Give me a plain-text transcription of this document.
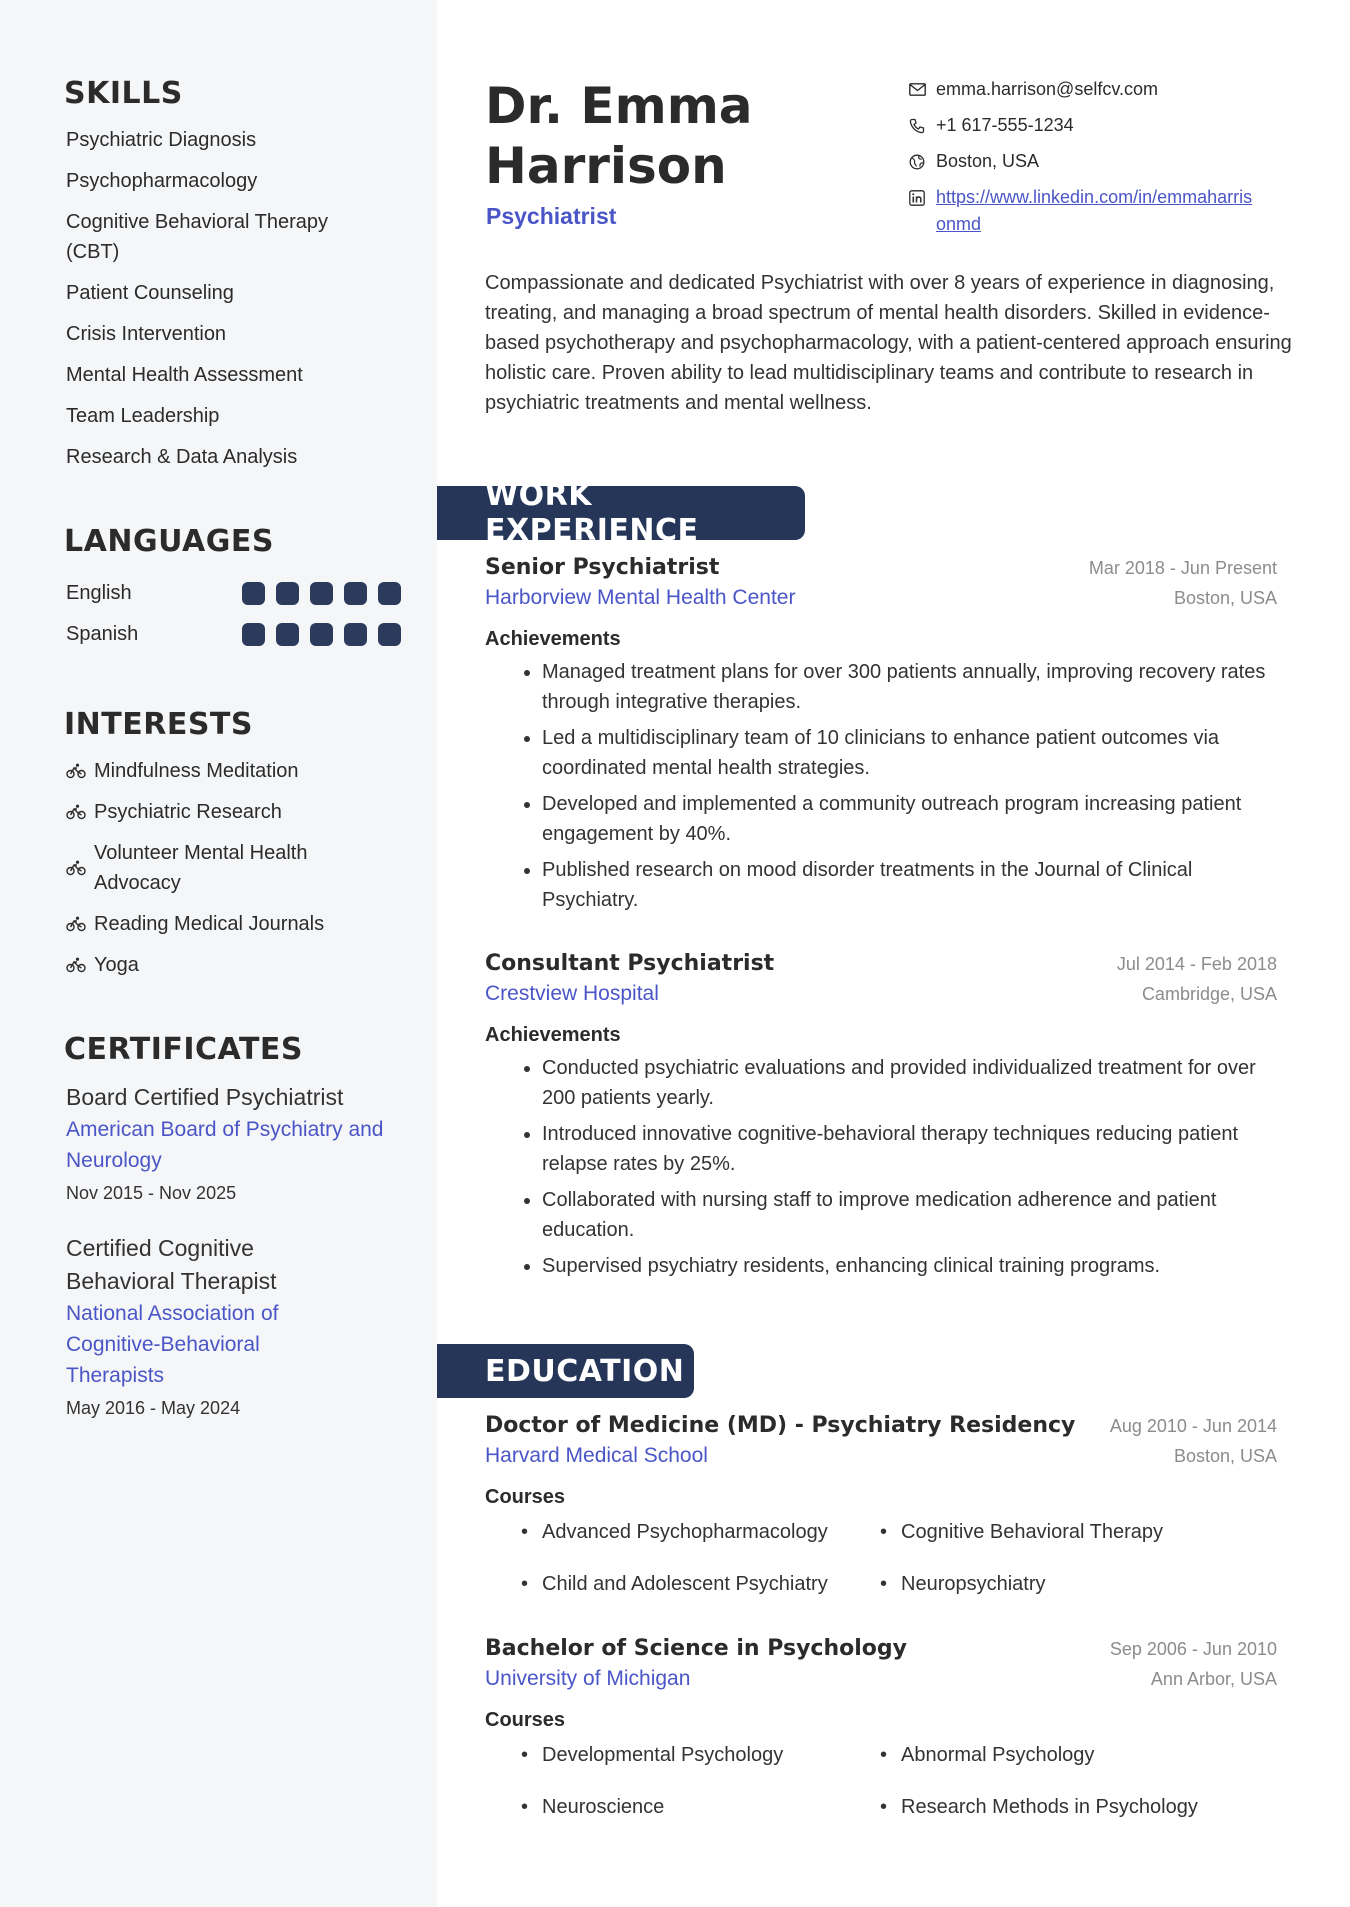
SKILLS
Psychiatric Diagnosis
Psychopharmacology
Cognitive Behavioral Therapy (CBT)
Patient Counseling
Crisis Intervention
Mental Health Assessment
Team Leadership
Research & Data Analysis
LANGUAGES
English
Spanish
INTERESTS
Mindfulness Meditation
Psychiatric Research
Volunteer Mental Health Advocacy
Reading Medical Journals
Yoga
CERTIFICATES
Board Certified Psychiatrist
American Board of Psychiatry and Neurology
Nov 2015 - Nov 2025
Certified Cognitive Behavioral Therapist
National Association of Cognitive-Behavioral Therapists
May 2016 - May 2024
Dr. Emma
Harrison
Psychiatrist
emma.harrison@selfcv.com
+1 617-555-1234
Boston, USA
https://www.linkedin.com/in/emmaharrisonmd
Compassionate and dedicated Psychiatrist with over 8 years of experience in diagnosing, treating, and managing a broad spectrum of mental health disorders. Skilled in evidence-based psychotherapy and psychopharmacology, with a patient-centered approach ensuring holistic care. Proven ability to lead multidisciplinary teams and contribute to research in psychiatric treatments and mental wellness.
WORK EXPERIENCE
Senior Psychiatrist	Mar 2018 - Jun Present
Harborview Mental Health Center	Boston, USA
Achievements
• Managed treatment plans for over 300 patients annually, improving recovery rates through integrative therapies.
• Led a multidisciplinary team of 10 clinicians to enhance patient outcomes via coordinated mental health strategies.
• Developed and implemented a community outreach program increasing patient engagement by 40%.
• Published research on mood disorder treatments in the Journal of Clinical Psychiatry.
Consultant Psychiatrist	Jul 2014 - Feb 2018
Crestview Hospital	Cambridge, USA
Achievements
• Conducted psychiatric evaluations and provided individualized treatment for over 200 patients yearly.
• Introduced innovative cognitive-behavioral therapy techniques reducing patient relapse rates by 25%.
• Collaborated with nursing staff to improve medication adherence and patient education.
• Supervised psychiatry residents, enhancing clinical training programs.
EDUCATION
Doctor of Medicine (MD) - Psychiatry Residency Aug 2010 - Jun 2014
Harvard Medical School	Boston, USA
Courses
• Advanced Psychopharmacology	• Cognitive Behavioral Therapy
• Child and Adolescent Psychiatry	• Neuropsychiatry
Bachelor of Science in Psychology	Sep 2006 - Jun 2010
University of Michigan	Ann Arbor, USA
Courses
• Developmental Psychology	• Abnormal Psychology
• Neuroscience	• Research Methods in Psychology
